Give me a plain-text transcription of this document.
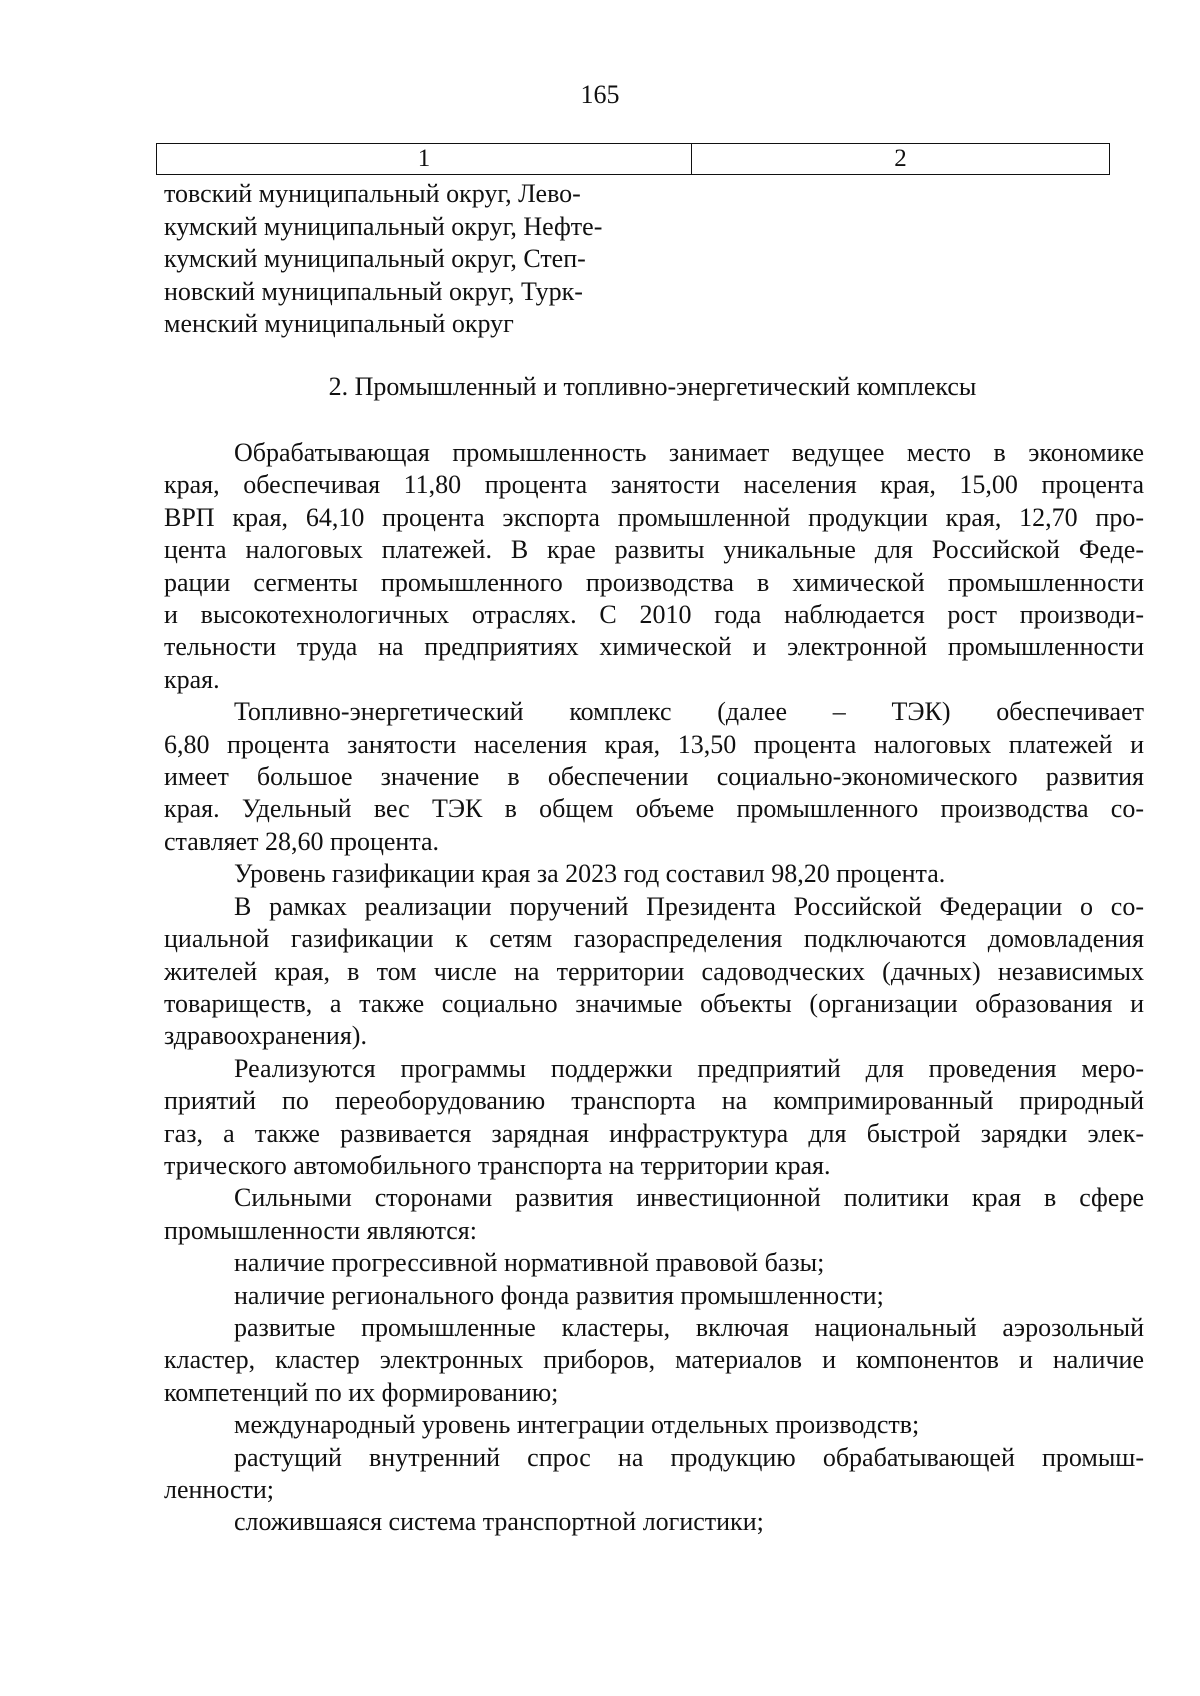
165
1	2
товский муниципальный округ, Лево-
кумский муниципальный округ, Нефте-
кумский муниципальный округ, Степ-
новский муниципальный округ, Турк-
менский муниципальный округ
2. Промышленный и топливно-энергетический комплексы
Обрабатывающая промышленность занимает ведущее место в экономике
края, обеспечивая 11,80 процента занятости населения края, 15,00 процента
ВРП края, 64,10 процента экспорта промышленной продукции края, 12,70 про-
цента налоговых платежей. В крае развиты уникальные для Российской Феде-
рации сегменты промышленного производства в химической промышленности
и высокотехнологичных отраслях. С 2010 года наблюдается рост производи-
тельности труда на предприятиях химической и электронной промышленности
края.
Топливно-энергетический комплекс (далее – ТЭК) обеспечивает
6,80 процента занятости населения края, 13,50 процента налоговых платежей и
имеет большое значение в обеспечении социально-экономического развития
края. Удельный вес ТЭК в общем объеме промышленного производства со-
ставляет 28,60 процента.
Уровень газификации края за 2023 год составил 98,20 процента.
В рамках реализации поручений Президента Российской Федерации о со-
циальной газификации к сетям газораспределения подключаются домовладения
жителей края, в том числе на территории садоводческих (дачных) независимых
товариществ, а также социально значимые объекты (организации образования и
здравоохранения).
Реализуются программы поддержки предприятий для проведения меро-
приятий по переоборудованию транспорта на компримированный природный
газ, а также развивается зарядная инфраструктура для быстрой зарядки элек-
трического автомобильного транспорта на территории края.
Сильными сторонами развития инвестиционной политики края в сфере
промышленности являются:
наличие прогрессивной нормативной правовой базы;
наличие регионального фонда развития промышленности;
развитые промышленные кластеры, включая национальный аэрозольный
кластер, кластер электронных приборов, материалов и компонентов и наличие
компетенций по их формированию;
международный уровень интеграции отдельных производств;
растущий внутренний спрос на продукцию обрабатывающей промыш-
ленности;
сложившаяся система транспортной логистики;
